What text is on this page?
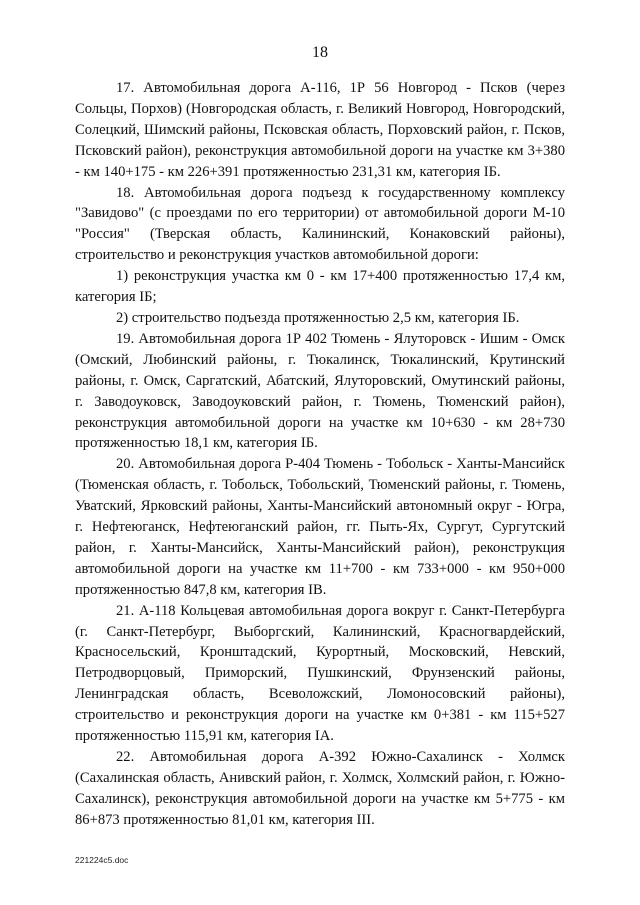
18

17. Автомобильная дорога А-116, 1Р 56 Новгород - Псков (через Сольцы, Порхов) (Новгородская область, г. Великий Новгород, Новгородский, Солецкий, Шимский районы, Псковская область, Порховский район, г. Псков, Псковский район), реконструкция автомобильной дороги на участке км 3+380 - км 140+175 - км 226+391 протяженностью 231,31 км, категория IБ.

18. Автомобильная дорога подъезд к государственному комплексу "Завидово" (с проездами по его территории) от автомобильной дороги М-10 "Россия" (Тверская область, Калининский, Конаковский районы), строительство и реконструкция участков автомобильной дороги:

1) реконструкция участка км 0 - км 17+400 протяженностью 17,4 км, категория IБ;

2) строительство подъезда протяженностью 2,5 км, категория IБ.

19. Автомобильная дорога 1Р 402 Тюмень - Ялуторовск - Ишим - Омск (Омский, Любинский районы, г. Тюкалинск, Тюкалинский, Крутинский районы, г. Омск, Саргатский, Абатский, Ялуторовский, Омутинский районы, г. Заводоуковск, Заводоуковский район, г. Тюмень, Тюменский район), реконструкция автомобильной дороги на участке км 10+630 - км 28+730 протяженностью 18,1 км, категория IБ.

20. Автомобильная дорога Р-404 Тюмень - Тобольск - Ханты-Мансийск (Тюменская область, г. Тобольск, Тобольский, Тюменский районы, г. Тюмень, Уватский, Ярковский районы, Ханты-Мансийский автономный округ - Югра, г. Нефтеюганск, Нефтеюганский район, гг. Пыть-Ях, Сургут, Сургутский район, г. Ханты-Мансийск, Ханты-Мансийский район), реконструкция автомобильной дороги на участке км 11+700 - км 733+000 - км 950+000 протяженностью 847,8 км, категория IВ.

21. А-118 Кольцевая автомобильная дорога вокруг г. Санкт-Петербурга (г. Санкт-Петербург, Выборгский, Калининский, Красногвардейский, Красносельский, Кронштадский, Курортный, Московский, Невский, Петродворцовый, Приморский, Пушкинский, Фрунзенский районы, Ленинградская область, Всеволожский, Ломоносовский районы), строительство и реконструкция дороги на участке км 0+381 - км 115+527 протяженностью 115,91 км, категория IА.

22. Автомобильная дорога А-392 Южно-Сахалинск - Холмск (Сахалинская область, Анивский район, г. Холмск, Холмский район, г. Южно-Сахалинск), реконструкция автомобильной дороги на участке км 5+775 - км 86+873 протяженностью 81,01 км, категория III.

221224c5.doc
